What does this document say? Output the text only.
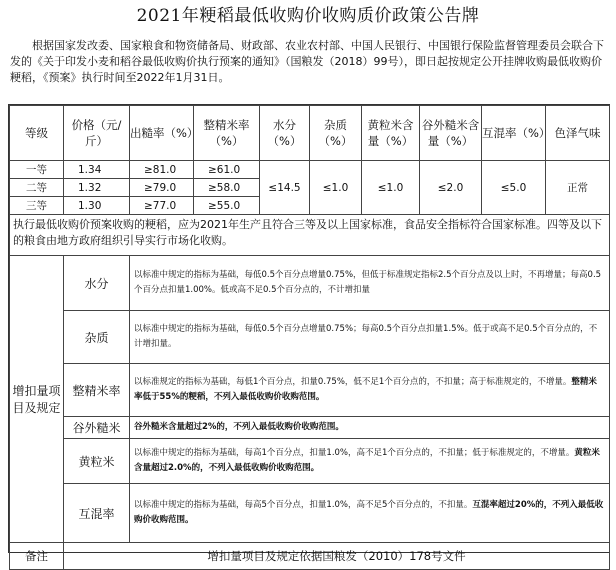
2021年粳稻最低收购价收购质价政策公告牌

根据国家发改委、国家粮食和物资储备局、财政部、农业农村部、中国人民银行、中国银行保险监督管理委员会联合下发的《关于印发小麦和稻谷最低收购价执行预案的通知》（国粮发（2018）99号），即日起按规定公开挂牌收购最低收购价粳稻，《预案》执行时间至2022年1月31日。

等级	价格（元/斤）	出糙率（%）	整精米率（%）	水分（%）	杂质（%）	黄粒米含量（%）	谷外糙米含量（%）	互混率（%）	色泽气味
一等	1.34	≥81.0	≥61.0	≤14.5	≤1.0	≤1.0	≤2.0	≤5.0	正常
二等	1.32	≥79.0	≥58.0						
三等	1.30	≥77.0	≥55.0						
执行最低收购价预案收购的粳稻，应为2021年生产且符合三等及以上国家标准，食品安全指标符合国家标准。四等及以下的粮食由地方政府组织引导实行市场化收购。									
增扣量项目及规定	水分	以标准中规定的指标为基础，每低0.5个百分点增量0.75%，但低于标准规定指标2.5个百分点及以上时，不再增量；每高0.5个百分点扣量1.00%。低或高不足0.5个百分点的，不计增扣量							
	杂质	以标准中规定的指标为基础，每低0.5个百分点增量0.75%；每高0.5个百分点扣量1.5%。低于或高不足0.5个百分点的，不计增扣量。							
	整精米率	以标准规定的指标为基础，每低1个百分点，扣量0.75%，低不足1个百分点的，不扣量；高于标准规定的，不增量。整精米率低于55%的粳稻，不列入最低收购价收购范围。							
	谷外糙米	谷外糙米含量超过2%的，不列入最低收购价收购范围。							
	黄粒米	以标准中规定的指标为基础，每高1个百分点，扣量1.0%，高不足1个百分点的，不扣量；低于标准规定的，不增量。黄粒米含量超过2.0%的，不列入最低收购价收购范围。							
	互混率	以标准中规定的指标为基础，每高5个百分点，扣量1.0%，高不足5个百分点的，不扣量。互混率超过20%的，不列入最低收购价收购范围。							
备注	增扣量项目及规定依据国粮发（2010）178号文件								
